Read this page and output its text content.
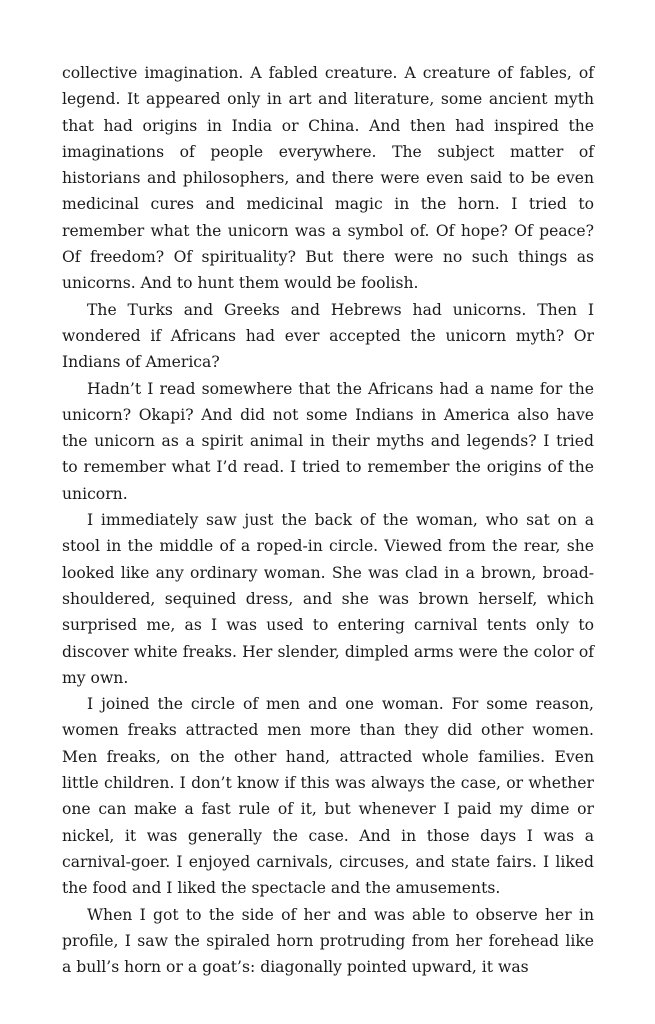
collective imagination. A fabled creature. A creature of fables, of legend. It appeared only in art and literature, some ancient myth that had origins in India or China. And then had inspired the imaginations of people everywhere. The subject matter of historians and philosophers, and there were even said to be even medicinal cures and medicinal magic in the horn. I tried to remember what the unicorn was a symbol of. Of hope? Of peace? Of freedom? Of spirituality? But there were no such things as unicorns. And to hunt them would be foolish.

The Turks and Greeks and Hebrews had unicorns. Then I wondered if Africans had ever accepted the unicorn myth? Or Indians of America?

Hadn’t I read somewhere that the Africans had a name for the unicorn? Okapi? And did not some Indians in America also have the unicorn as a spirit animal in their myths and legends? I tried to remember what I’d read. I tried to remember the origins of the unicorn.

I immediately saw just the back of the woman, who sat on a stool in the middle of a roped-in circle. Viewed from the rear, she looked like any ordinary woman. She was clad in a brown, broad-shouldered, sequined dress, and she was brown herself, which surprised me, as I was used to entering carnival tents only to discover white freaks. Her slender, dimpled arms were the color of my own.

I joined the circle of men and one woman. For some reason, women freaks attracted men more than they did other women. Men freaks, on the other hand, attracted whole families. Even little children. I don’t know if this was always the case, or whether one can make a fast rule of it, but whenever I paid my dime or nickel, it was generally the case. And in those days I was a carnival-goer. I enjoyed carnivals, circuses, and state fairs. I liked the food and I liked the spectacle and the amusements.

When I got to the side of her and was able to observe her in profile, I saw the spiraled horn protruding from her forehead like a bull’s horn or a goat’s: diagonally pointed upward, it was
